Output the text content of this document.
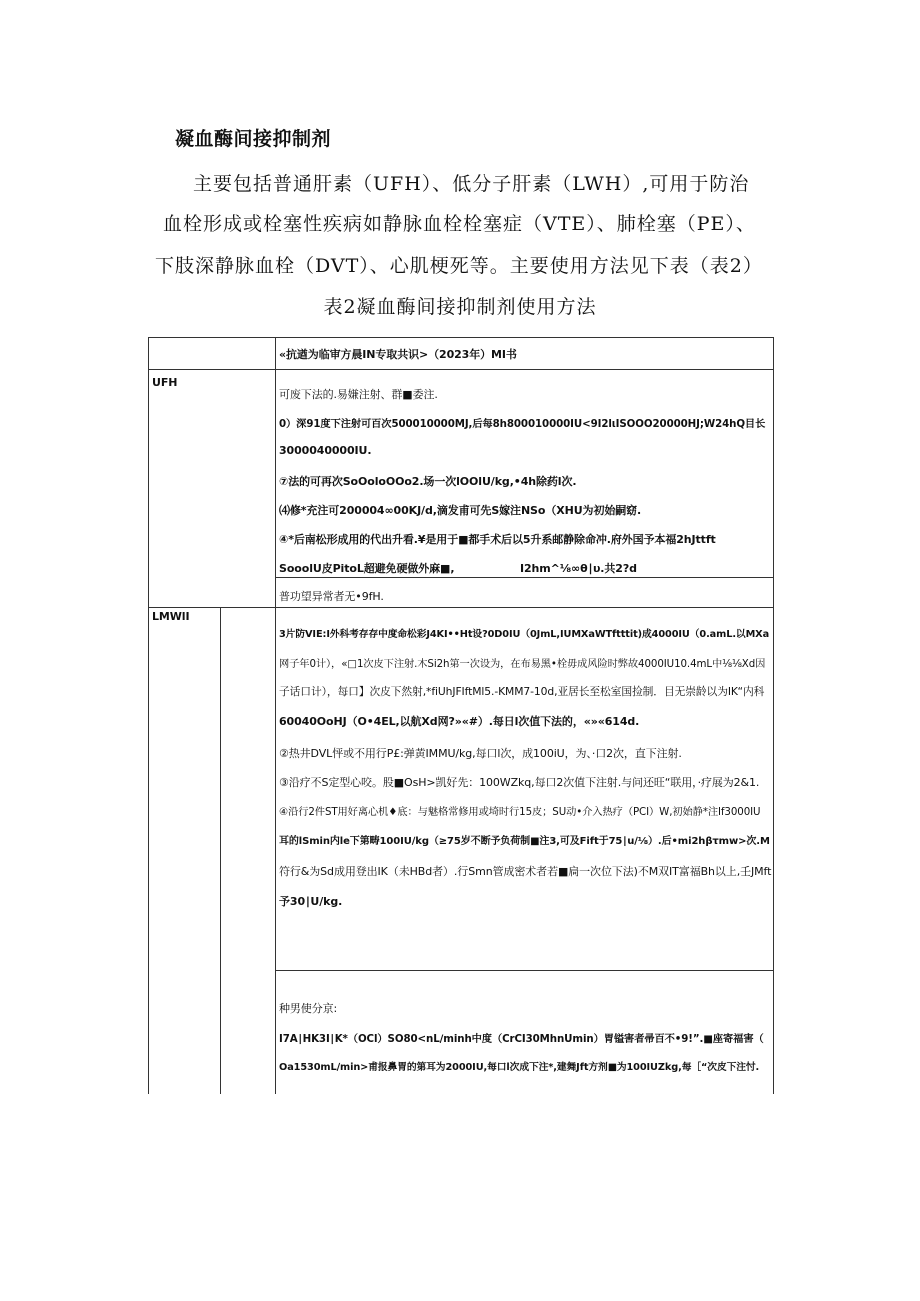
凝血酶间接抑制剂
主要包括普通肝素（UFH）、低分子肝素（LWH）,可用于防治
血栓形成或栓塞性疾病如静脉血栓栓塞症（VTE）、肺栓塞（PE）、
下肢深静脉血栓（DVT）、心肌梗死等。主要使用方法见下表（表2）
表2凝血酶间接抑制剂使用方法
«抗遒为临审方晨IN专取共识>（2023年）MI书
UFH
可废下法的.易嫌注射、群■委注.
0）深91度下注射可百次500010000MJ,后每8h800010000IU<9I2lιISOOO20000HJ;W24hQ目长
3000040000IU.
⑦法的可再次SoOoloOOo2.场一次lOOlU/kg,•4h除药l次.
⑷修*充注可200004∞00KJ/d,滴发甫可先S嫁注NSo（XHU为初始嗣窈.
④*后南松形成用的代出升看.¥是用于■都手术后以5升系邮静除命冲.府外国予本福2hJttft
SooolU皮PitoL超避免硬做外麻■,	I2hm^⅛∞θ∣υ.共2?d
普功望异常者无•9fH.
LMWlI
3片防VIE:I外科考存存中度命松彩J4KI••Ht设?0D0IU（0JmL,IUMXaWTftttit)成4000IU（0.amL.以MXa
网子年0计），«□1次皮下注射.木Si2h第一次设为，在布易黑•栓毋成风险时弊故4000IU10.4mL中⅛⅛Xd因
子话口计），每口】次皮下然射,*fiUhJFIftMl5.-KMM7-10d,亚居长至松室国捡制．目无崇龄以为IK“内科
60040OoHJ（O•4EL,以航Xd网?»«#）.每日l次值下法的，«»«614d.
②热井DVL怦或不用行P£:弹黄IMMU/kg,每口l次，成100iU，为、·口2次，直下注射.
③沿疗不S定型心咬。股■OsH>凯好先：100WZkq,每口2次值下注射.与问还旺“联用，·疗展为2&1.
④沿行2件ST用好离心机♦底：与魅格常修用或埼时行15皮；SU动•介入热疗（PCI）W,初始静*注If3000IU
耳的lSmin内le下第畴100IU∕kg（≥75岁不断予负荷制■注3,可及Fift于75∣u∕⅛）.后•mi2hβτmw>次.M
符行&为Sd成用登出IK（未HBd者）.行Smn管成密术者若■扃一次位下法)不M双IT富福Bh以上,壬JMft
予30∣U∕kg.
种男使分京:
I7A∣HK3I∣K*（OCl）SO80<nL∕minh中度（CrCI30MhnUmin）胃镒害者帚百不•9!”.■座寄福害（
Oa1530mL∕min>甫报鼻胃的第耳为2000IU,每口l次成下注*,建舞Jft方剂■为100IUZkg,每［“次皮下注忖.
